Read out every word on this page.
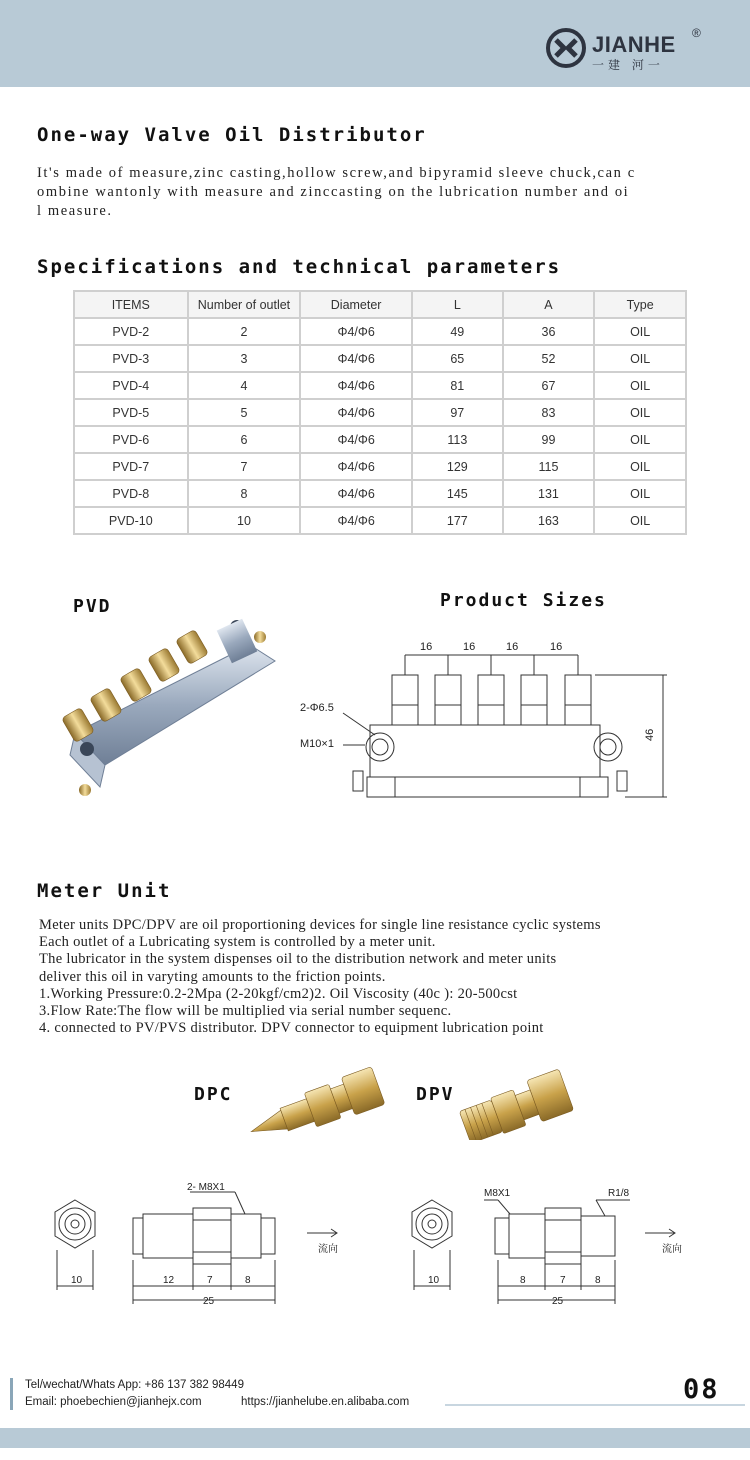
JIANHE ®
一建 河一
One-way Valve Oil Distributor
It's made of measure,zinc casting,hollow screw,and bipyramid sleeve chuck,can c
ombine wantonly with measure and zinccasting on the lubrication number and oi
l measure.
Specifications and technical parameters
ITEMS	Number of outlet	Diameter	L	A	Type
PVD-2	2	Φ4/Φ6	49	36	OIL
PVD-3	3	Φ4/Φ6	65	52	OIL
PVD-4	4	Φ4/Φ6	81	67	OIL
PVD-5	5	Φ4/Φ6	97	83	OIL
PVD-6	6	Φ4/Φ6	113	99	OIL
PVD-7	7	Φ4/Φ6	129	115	OIL
PVD-8	8	Φ4/Φ6	145	131	OIL
PVD-10	10	Φ4/Φ6	177	163	OIL
PVD	Product Sizes
16	16	16	16
2-Φ6.5
M10×1
46
Meter Unit
Meter units DPC/DPV are oil proportioning devices for single line resistance cyclic systems
Each outlet of a Lubricating system is controlled by a meter unit.
The lubricator in the system dispenses oil to the distribution network and meter units
deliver this oil in varyting amounts to the friction points.
1.Working Pressure:0.2-2Mpa (2-20kgf/cm2)2. Oil Viscosity (40c ): 20-500cst
3.Flow Rate:The flow will be multiplied via serial number sequenc.
4. connected to PV/PVS distributor. DPV connector to equipment lubrication point
DPC	DPV
2- M8X1
10	12	7	8
25
流向
M8X1	R1/8
10	8	7	8
25
流向
Tel/wechat/Whats App: +86 137 382 98449
Email: phoebechien@jianhejx.com	https://jianhelube.en.alibaba.com	08
